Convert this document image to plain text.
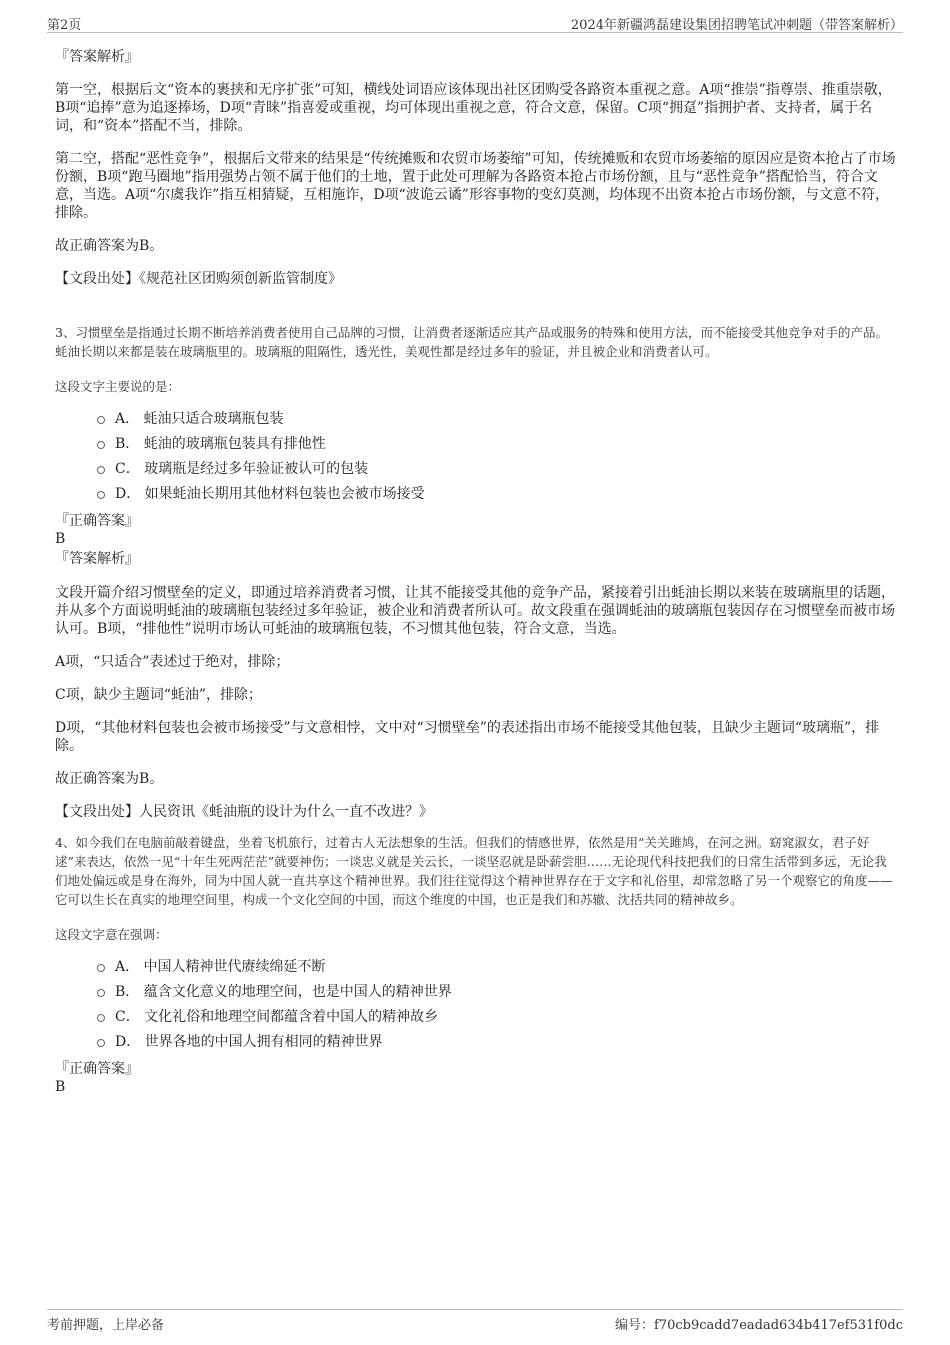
第2页	2024年新疆鸿磊建设集团招聘笔试冲刺题（带答案解析）

『答案解析』

第一空，根据后文“资本的裹挟和无序扩张”可知，横线处词语应该体现出社区团购受各路资本重视之意。A项“推崇”指尊崇、推重崇敬，B项“追捧”意为追逐捧场，D项“青睐”指喜爱或重视，均可体现出重视之意，符合文意，保留。C项“拥趸”指拥护者、支持者，属于名词，和“资本”搭配不当，排除。

第二空，搭配“恶性竞争”，根据后文带来的结果是“传统摊贩和农贸市场萎缩”可知，传统摊贩和农贸市场萎缩的原因应是资本抢占了市场份额，B项“跑马圈地”指用强势占领不属于他们的土地，置于此处可理解为各路资本抢占市场份额，且与“恶性竞争”搭配恰当，符合文意，当选。A项“尔虞我诈”指互相猜疑，互相施诈，D项“波诡云谲”形容事物的变幻莫测，均体现不出资本抢占市场份额，与文意不符，排除。

故正确答案为B。

【文段出处】《规范社区团购须创新监管制度》

3、习惯壁垒是指通过长期不断培养消费者使用自己品牌的习惯，让消费者逐渐适应其产品或服务的特殊和使用方法，而不能接受其他竞争对手的产品。蚝油长期以来都是装在玻璃瓶里的。玻璃瓶的阻隔性，透光性，美观性都是经过多年的验证，并且被企业和消费者认可。

这段文字主要说的是：

A． 蚝油只适合玻璃瓶包装
B． 蚝油的玻璃瓶包装具有排他性
C． 玻璃瓶是经过多年验证被认可的包装
D． 如果蚝油长期用其他材料包装也会被市场接受

『正确答案』

B

『答案解析』

文段开篇介绍习惯壁垒的定义，即通过培养消费者习惯，让其不能接受其他的竞争产品，紧接着引出蚝油长期以来装在玻璃瓶里的话题，并从多个方面说明蚝油的玻璃瓶包装经过多年验证，被企业和消费者所认可。故文段重在强调蚝油的玻璃瓶包装因存在习惯壁垒而被市场认可。B项，“排他性”说明市场认可蚝油的玻璃瓶包装，不习惯其他包装，符合文意，当选。

A项，“只适合”表述过于绝对，排除；

C项，缺少主题词“蚝油”，排除；

D项，“其他材料包装也会被市场接受”与文意相悖，文中对“习惯壁垒”的表述指出市场不能接受其他包装，且缺少主题词“玻璃瓶”，排除。

故正确答案为B。

【文段出处】人民资讯《蚝油瓶的设计为什么一直不改进？》

4、如今我们在电脑前敲着键盘，坐着飞机旅行，过着古人无法想象的生活。但我们的情感世界，依然是用“关关雎鸠，在河之洲。窈窕淑女，君子好逑”来表达，依然一见“十年生死两茫茫”就要神伤；一谈忠义就是关云长，一谈坚忍就是卧薪尝胆……无论现代科技把我们的日常生活带到多远，无论我们地处偏远或是身在海外，同为中国人就一直共享这个精神世界。我们往往觉得这个精神世界存在于文字和礼俗里，却常忽略了另一个观察它的角度——它可以生长在真实的地理空间里，构成一个文化空间的中国，而这个维度的中国，也正是我们和苏辙、沈括共同的精神故乡。

这段文字意在强调：

A． 中国人精神世代赓续绵延不断
B． 蕴含文化意义的地理空间，也是中国人的精神世界
C． 文化礼俗和地理空间都蕴含着中国人的精神故乡
D． 世界各地的中国人拥有相同的精神世界

『正确答案』

B

考前押题，上岸必备	编号：f70cb9cadd7eadad634b417ef531f0dc
